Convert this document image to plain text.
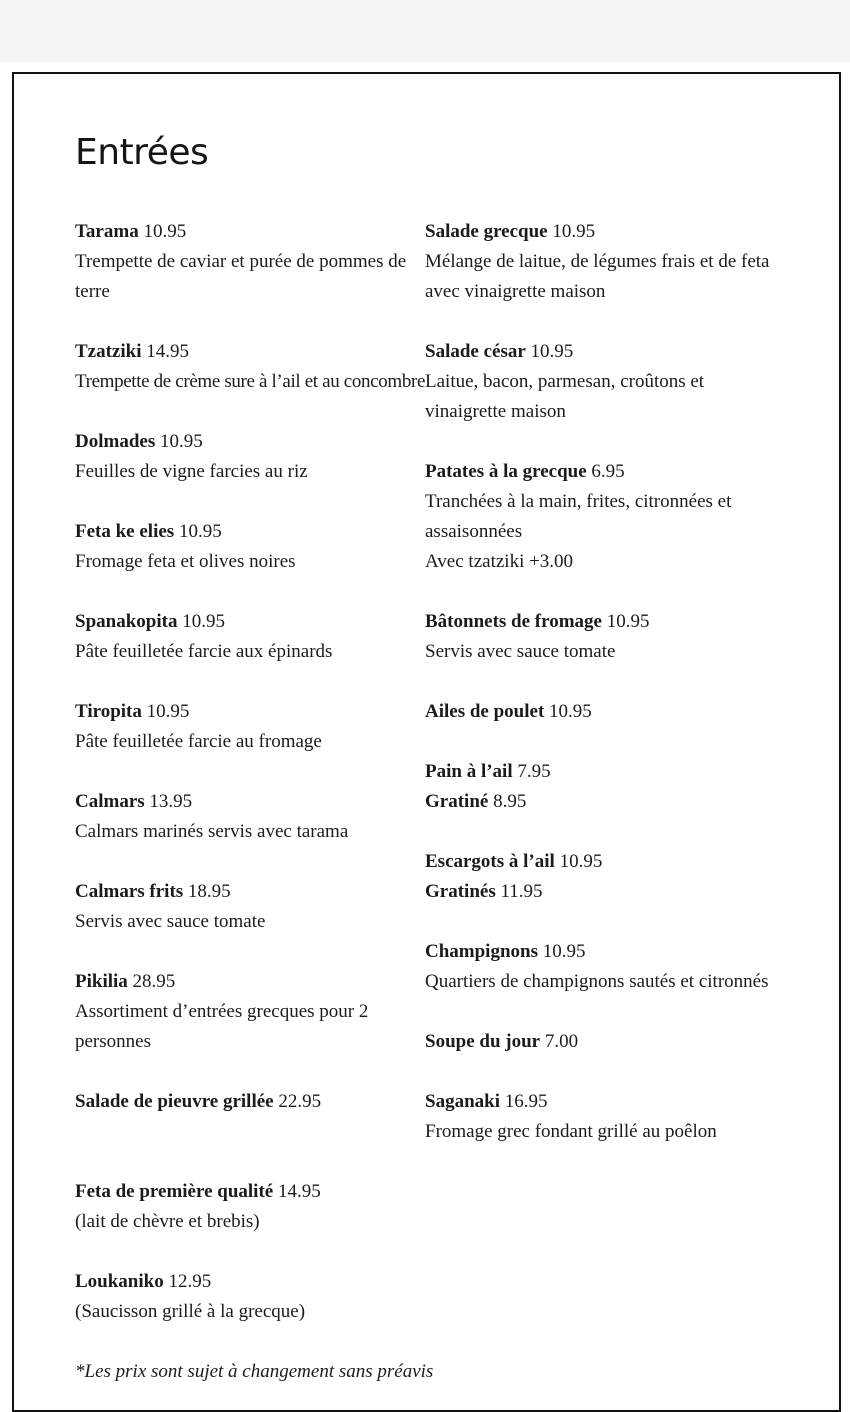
Entrées
Tarama 10.95
Trempette de caviar et purée de pommes de
terre
Tzatziki 14.95
Trempette de crème sure à l’ail et au concombre
Dolmades 10.95
Feuilles de vigne farcies au riz
Feta ke elies 10.95
Fromage feta et olives noires
Spanakopita 10.95
Pâte feuilletée farcie aux épinards
Tiropita 10.95
Pâte feuilletée farcie au fromage
Calmars 13.95
Calmars marinés servis avec tarama
Calmars frits 18.95
Servis avec sauce tomate
Pikilia 28.95
Assortiment d’entrées grecques pour 2
personnes
Salade de pieuvre grillée 22.95
Feta de première qualité 14.95
(lait de chèvre et brebis)
Loukaniko 12.95
(Saucisson grillé à la grecque)

*Les prix sont sujet à changement sans préavis

Salade grecque 10.95
Mélange de laitue, de légumes frais et de feta
avec vinaigrette maison
Salade césar 10.95
Laitue, bacon, parmesan, croûtons et
vinaigrette maison
Patates à la grecque 6.95
Tranchées à la main, frites, citronnées et
assaisonnées
Avec tzatziki +3.00
Bâtonnets de fromage 10.95
Servis avec sauce tomate
Ailes de poulet 10.95
Pain à l’ail 7.95
Gratiné 8.95
Escargots à l’ail 10.95
Gratinés 11.95
Champignons 10.95
Quartiers de champignons sautés et citronnés
Soupe du jour 7.00
Saganaki 16.95
Fromage grec fondant grillé au poêlon
